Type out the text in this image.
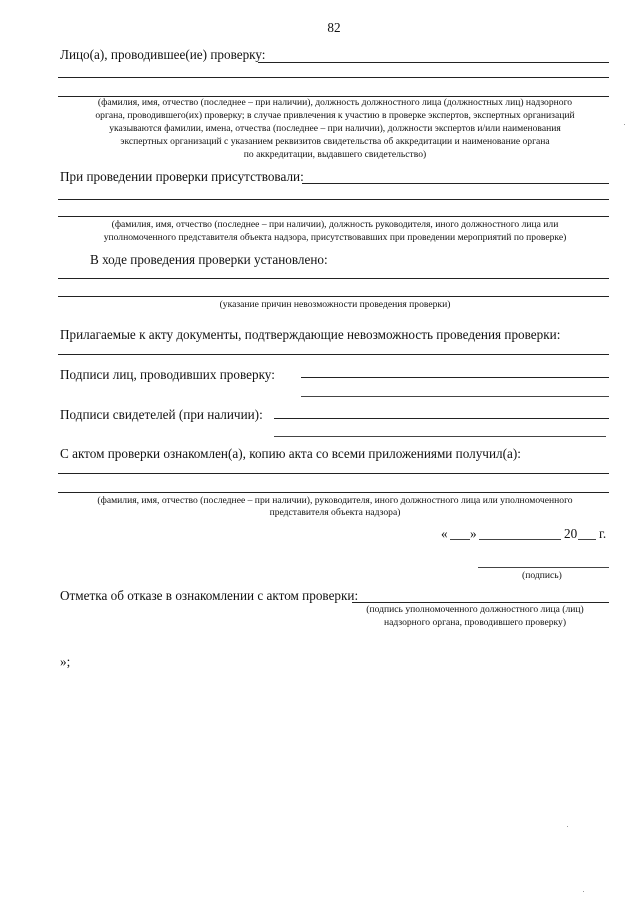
82
Лицо(а), проводившее(ие) проверку:
(фамилия, имя, отчество (последнее – при наличии), должность должностного лица (должностных лиц) надзорного
органа, проводившего(их) проверку; в случае привлечения к участию в проверке экспертов, экспертных организаций
указываются фамилии, имена, отчества (последнее – при наличии), должности экспертов и/или наименования
экспертных организаций с указанием реквизитов свидетельства об аккредитации и наименование органа
по аккредитации, выдавшего свидетельство)
При проведении проверки присутствовали:
(фамилия, имя, отчество (последнее – при наличии), должность руководителя, иного должностного лица или
уполномоченного представителя объекта надзора, присутствовавших при проведении мероприятий по проверке)
В ходе проведения проверки установлено:
(указание причин невозможности проведения проверки)
Прилагаемые к акту документы, подтверждающие невозможность проведения проверки:
Подписи лиц, проводивших проверку:
Подписи свидетелей (при наличии):
С актом проверки ознакомлен(а), копию акта со всеми приложениями получил(а):
(фамилия, имя, отчество (последнее – при наличии), руководителя, иного должностного лица или уполномоченного
представителя объекта надзора)
« »	20 г.
(подпись)
Отметка об отказе в ознакомлении с актом проверки:
(подпись уполномоченного должностного лица (лиц)
надзорного органа, проводившего проверку)
»;
